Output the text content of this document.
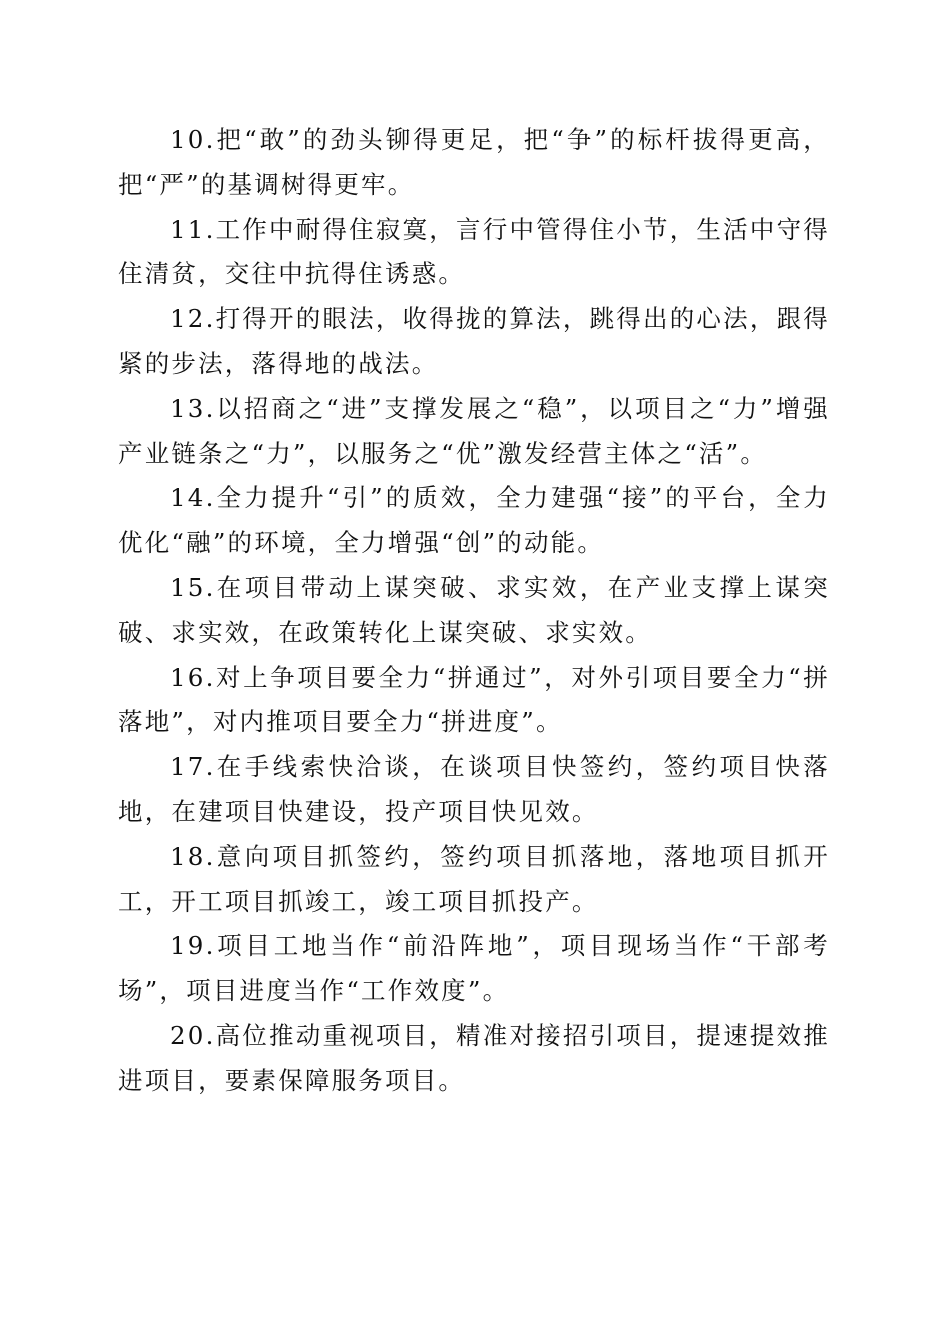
10.把“敢”的劲头铆得更足，把“争”的标杆拔得更高，把“严”的基调树得更牢。

11.工作中耐得住寂寞，言行中管得住小节，生活中守得住清贫，交往中抗得住诱惑。

12.打得开的眼法，收得拢的算法，跳得出的心法，跟得紧的步法，落得地的战法。

13.以招商之“进”支撑发展之“稳”，以项目之“力”增强产业链条之“力”，以服务之“优”激发经营主体之“活”。

14.全力提升“引”的质效，全力建强“接”的平台，全力优化“融”的环境，全力增强“创”的动能。

15.在项目带动上谋突破、求实效，在产业支撑上谋突破、求实效，在政策转化上谋突破、求实效。

16.对上争项目要全力“拼通过”，对外引项目要全力“拼落地”，对内推项目要全力“拼进度”。

17.在手线索快洽谈，在谈项目快签约，签约项目快落地，在建项目快建设，投产项目快见效。

18.意向项目抓签约，签约项目抓落地，落地项目抓开工，开工项目抓竣工，竣工项目抓投产。

19.项目工地当作“前沿阵地”，项目现场当作“干部考场”，项目进度当作“工作效度”。

20.高位推动重视项目，精准对接招引项目，提速提效推进项目，要素保障服务项目。
